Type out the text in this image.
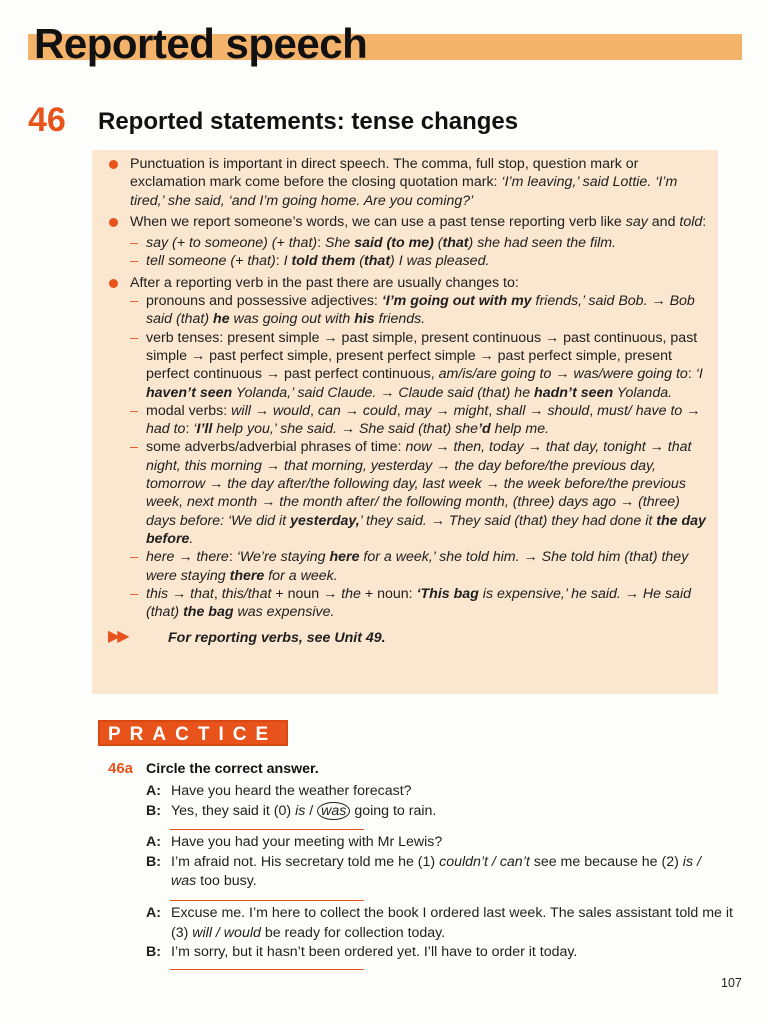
Reported speech
46 Reported statements: tense changes
Punctuation is important in direct speech. The comma, full stop, question mark or exclamation mark come before the closing quotation mark: ‘I’m leaving,’ said Lottie. ‘I’m tired,’ she said, ‘and I’m going home. Are you coming?’
When we report someone’s words, we can use a past tense reporting verb like say and told:
– say (+ to someone) (+ that): She said (to me) (that) she had seen the film.
– tell someone (+ that): I told them (that) I was pleased.
After a reporting verb in the past there are usually changes to:
– pronouns and possessive adjectives: ‘I’m going out with my friends,’ said Bob. → Bob said (that) he was going out with his friends.
– verb tenses: present simple → past simple, present continuous → past continuous, past simple → past perfect simple, present perfect simple → past perfect simple, present perfect continuous → past perfect continuous, am/is/are going to → was/were going to: ‘I haven’t seen Yolanda,’ said Claude. → Claude said (that) he hadn’t seen Yolanda.
– modal verbs: will → would, can → could, may → might, shall → should, must/ have to → had to: ‘I’ll help you,’ she said. → She said (that) she’d help me.
– some adverbs/adverbial phrases of time: now → then, today → that day, tonight → that night, this morning → that morning, yesterday → the day before/the previous day, tomorrow → the day after/the following day, last week → the week before/the previous week, next month → the month after/ the following month, (three) days ago → (three) days before: ‘We did it yesterday,’ they said. → They said (that) they had done it the day before.
– here → there: ‘We’re staying here for a week,’ she told him. → She told him (that) they were staying there for a week.
– this → that, this/that + noun → the + noun: ‘This bag is expensive,’ he said. → He said (that) the bag was expensive.
▶▶	For reporting verbs, see Unit 49.
PRACTICE
46a Circle the correct answer.
A: Have you heard the weather forecast?
B: Yes, they said it (0) is / was going to rain.
A: Have you had your meeting with Mr Lewis?
B: I’m afraid not. His secretary told me he (1) couldn’t / can’t see me because he (2) is / was too busy.
A: Excuse me. I’m here to collect the book I ordered last week. The sales assistant told me it (3) will / would be ready for collection today.
B: I’m sorry, but it hasn’t been ordered yet. I’ll have to order it today.
107
